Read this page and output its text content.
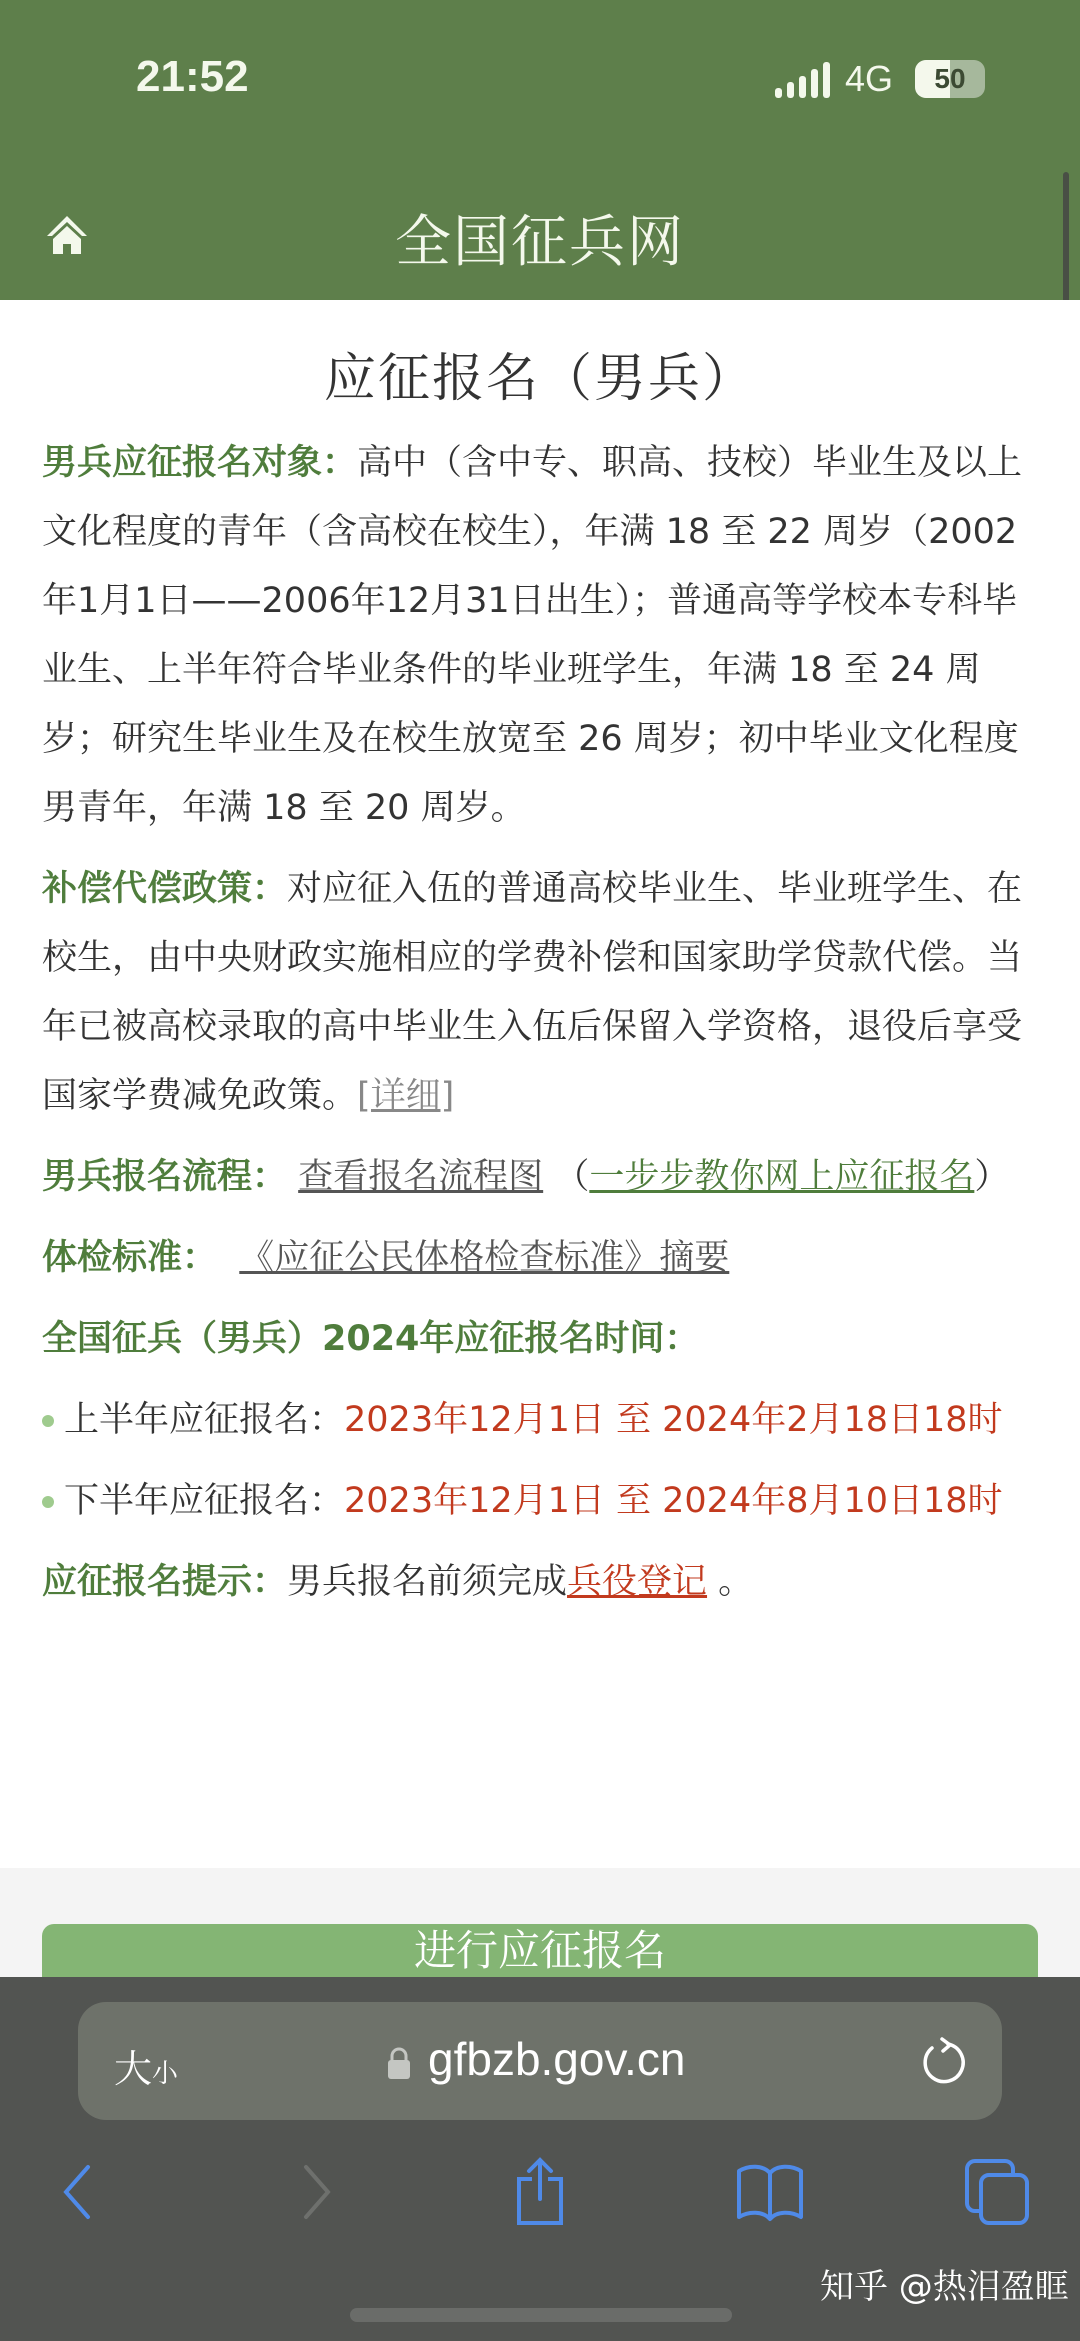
21:52	4G	50
全国征兵网
应征报名（男兵）

男兵应征报名对象：高中（含中专、职高、技校）毕业生及以上文化程度的青年（含高校在校生），年满 18 至 22 周岁（2002年1月1日——2006年12月31日出生）；普通高等学校本专科毕业生、上半年符合毕业条件的毕业班学生，年满 18 至 24 周岁；研究生毕业生及在校生放宽至 26 周岁；初中毕业文化程度男青年，年满 18 至 20 周岁。

补偿代偿政策：对应征入伍的普通高校毕业生、毕业班学生、在校生，由中央财政实施相应的学费补偿和国家助学贷款代偿。当年已被高校录取的高中毕业生入伍后保留入学资格，退役后享受国家学费减免政策。[详细]

男兵报名流程： 查看报名流程图 （一步步教你网上应征报名）

体检标准： 《应征公民体格检查标准》摘要

全国征兵（男兵）2024年应征报名时间：

上半年应征报名：2023年12月1日 至 2024年2月18日18时

下半年应征报名：2023年12月1日 至 2024年8月10日18时

应征报名提示：男兵报名前须完成兵役登记 。

进行应征报名
大小	gfbzb.gov.cn
知乎 @热泪盈眶
